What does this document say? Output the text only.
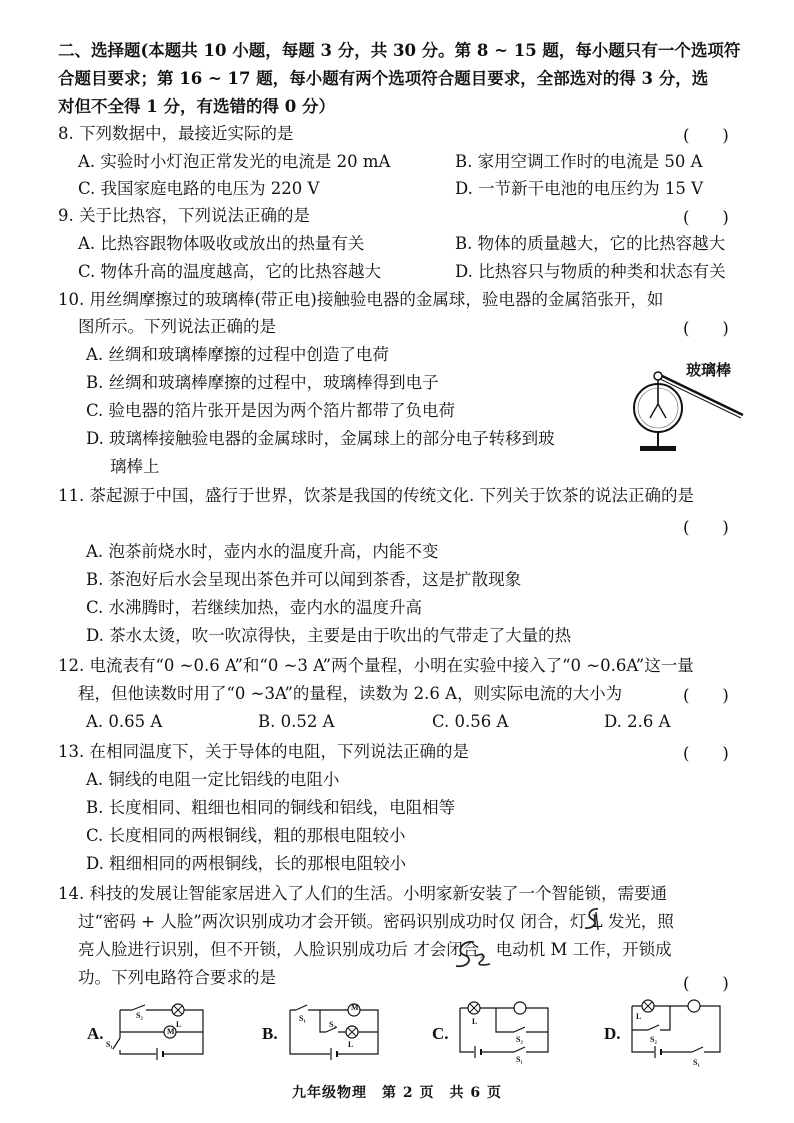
二、选择题(本题共 10 小题，每题 3 分，共 30 分。第 8 ~ 15 题，每小题只有一个选项符
合题目要求；第 16 ~ 17 题，每小题有两个选项符合题目要求，全部选对的得 3 分，选
对但不全得 1 分，有选错的得 0 分）
8. 下列数据中，最接近实际的是	(　　)
A. 实验时小灯泡正常发光的电流是 20 mA	B. 家用空调工作时的电流是 50 A
C. 我国家庭电路的电压为 220 V	D. 一节新干电池的电压约为 15 V
9. 关于比热容，下列说法正确的是	(　　)
A. 比热容跟物体吸收或放出的热量有关	B. 物体的质量越大，它的比热容越大
C. 物体升高的温度越高，它的比热容越大	D. 比热容只与物质的种类和状态有关
10. 用丝绸摩擦过的玻璃棒(带正电)接触验电器的金属球，验电器的金属箔张开，如
图所示。下列说法正确的是	(　　)
A. 丝绸和玻璃棒摩擦的过程中创造了电荷
B. 丝绸和玻璃棒摩擦的过程中，玻璃棒得到电子
C. 验电器的箔片张开是因为两个箔片都带了负电荷
D. 玻璃棒接触验电器的金属球时，金属球上的部分电子转移到玻
璃棒上
玻璃棒
11. 茶起源于中国，盛行于世界，饮茶是我国的传统文化. 下列关于饮茶的说法正确的是
(　　)
A. 泡茶前烧水时，壶内水的温度升高，内能不变
B. 茶泡好后水会呈现出茶色并可以闻到茶香，这是扩散现象
C. 水沸腾时，若继续加热，壶内水的温度升高
D. 茶水太烫，吹一吹凉得快，主要是由于吹出的气带走了大量的热
12. 电流表有“0 ~0.6 A”和“0 ~3 A”两个量程，小明在实验中接入了“0 ~0.6A”这一量
程，但他读数时用了“0 ~3A”的量程，读数为 2.6 A，则实际电流的大小为	(　　)
A. 0.65 A	B. 0.52 A	C. 0.56 A	D. 2.6 A
13. 在相同温度下，关于导体的电阻，下列说法正确的是	(　　)
A. 铜线的电阻一定比铝线的电阻小
B. 长度相同、粗细也相同的铜线和铝线，电阻相等
C. 长度相同的两根铜线，粗的那根电阻较小
D. 粗细相同的两根铜线，长的那根电阻较小
14. 科技的发展让智能家居进入了人们的生活。小明家新安装了一个智能锁，需要通
过“密码 + 人脸”两次识别成功才会开锁。密码识别成功时仅 闭合，灯 L 发光，照
亮人脸进行识别，但不开锁，人脸识别成功后 才会闭合，电动机 M 工作，开锁成
功。下列电路符合要求的是	(　　)
A.
S₂
L
M
S₁
B.
S₁
S₂
L
M
C.
L
S₂
S₁
D.
L
S₂
S₁
九年级物理　第 2 页　共 6 页
